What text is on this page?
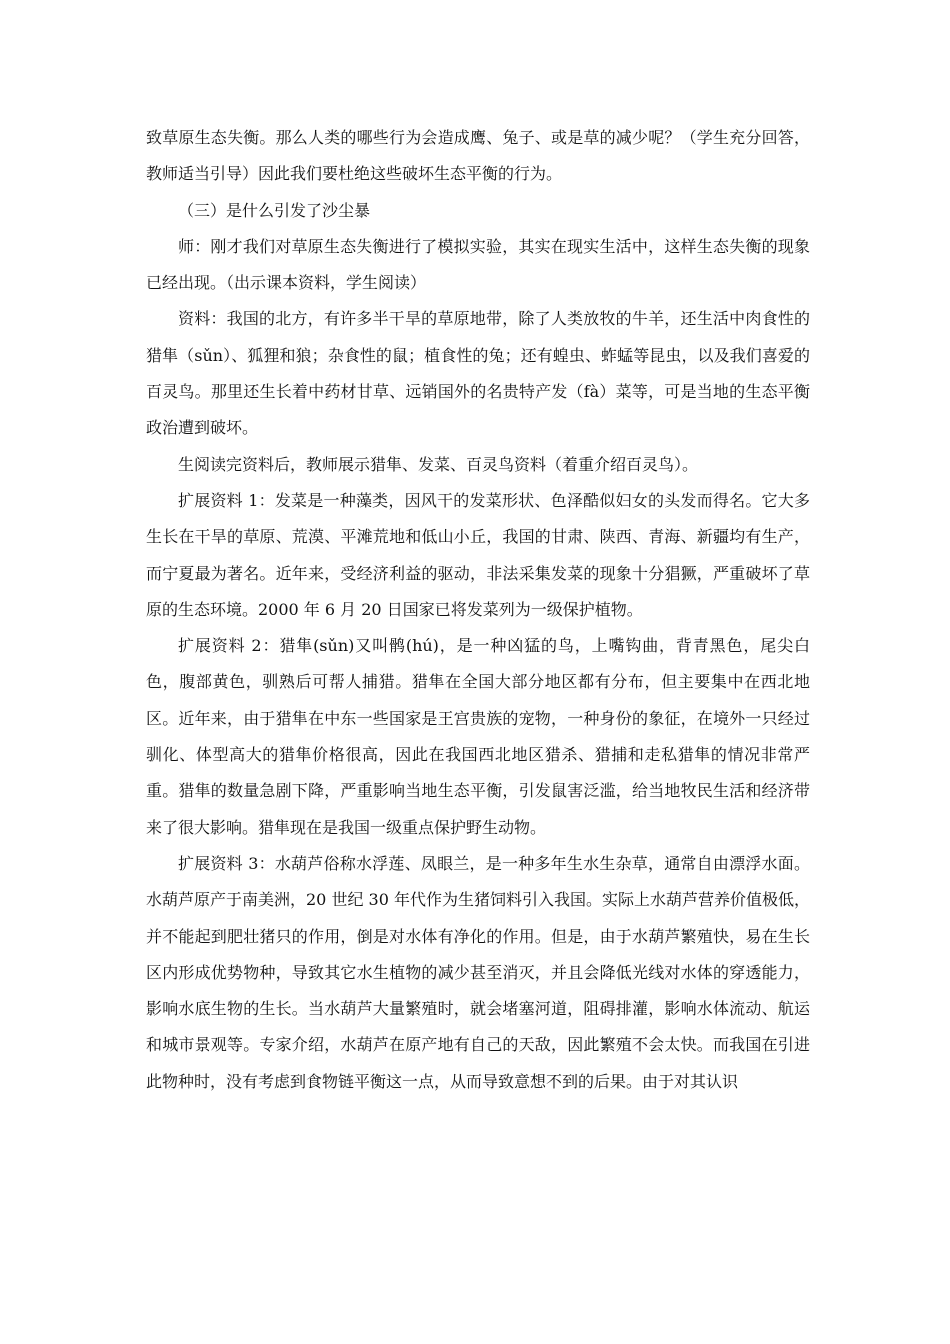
致草原生态失衡。那么人类的哪些行为会造成鹰、兔子、或是草的减少呢？（学生充分回答，教师适当引导）因此我们要杜绝这些破坏生态平衡的行为。

（三）是什么引发了沙尘暴

师：刚才我们对草原生态失衡进行了模拟实验，其实在现实生活中，这样生态失衡的现象已经出现。（出示课本资料，学生阅读）

资料：我国的北方，有许多半干旱的草原地带，除了人类放牧的牛羊，还生活中肉食性的猎隼（sǔn）、狐狸和狼；杂食性的鼠；植食性的兔；还有蝗虫、蚱蜢等昆虫，以及我们喜爱的百灵鸟。那里还生长着中药材甘草、远销国外的名贵特产发（fà）菜等，可是当地的生态平衡政治遭到破坏。

生阅读完资料后，教师展示猎隼、发菜、百灵鸟资料（着重介绍百灵鸟）。

扩展资料 1：发菜是一种藻类，因风干的发菜形状、色泽酷似妇女的头发而得名。它大多生长在干旱的草原、荒漠、平滩荒地和低山小丘，我国的甘肃、陕西、青海、新疆均有生产，而宁夏最为著名。近年来，受经济利益的驱动，非法采集发菜的现象十分猖獗，严重破坏了草原的生态环境。2000 年 6 月 20 日国家已将发菜列为一级保护植物。

扩展资料 2：猎隼(sǔn)又叫鹘(hú)，是一种凶猛的鸟，上嘴钩曲，背青黑色，尾尖白色，腹部黄色，驯熟后可帮人捕猎。猎隼在全国大部分地区都有分布，但主要集中在西北地区。近年来，由于猎隼在中东一些国家是王宫贵族的宠物，一种身份的象征，在境外一只经过驯化、体型高大的猎隼价格很高，因此在我国西北地区猎杀、猎捕和走私猎隼的情况非常严重。猎隼的数量急剧下降，严重影响当地生态平衡，引发鼠害泛滥，给当地牧民生活和经济带来了很大影响。猎隼现在是我国一级重点保护野生动物。

扩展资料 3：水葫芦俗称水浮莲、凤眼兰，是一种多年生水生杂草，通常自由漂浮水面。水葫芦原产于南美洲，20 世纪 30 年代作为生猪饲料引入我国。实际上水葫芦营养价值极低，并不能起到肥壮猪只的作用，倒是对水体有净化的作用。但是，由于水葫芦繁殖快，易在生长区内形成优势物种，导致其它水生植物的减少甚至消灭，并且会降低光线对水体的穿透能力，影响水底生物的生长。当水葫芦大量繁殖时，就会堵塞河道，阻碍排灌，影响水体流动、航运和城市景观等。专家介绍，水葫芦在原产地有自己的天敌，因此繁殖不会太快。而我国在引进此物种时，没有考虑到食物链平衡这一点，从而导致意想不到的后果。由于对其认识
